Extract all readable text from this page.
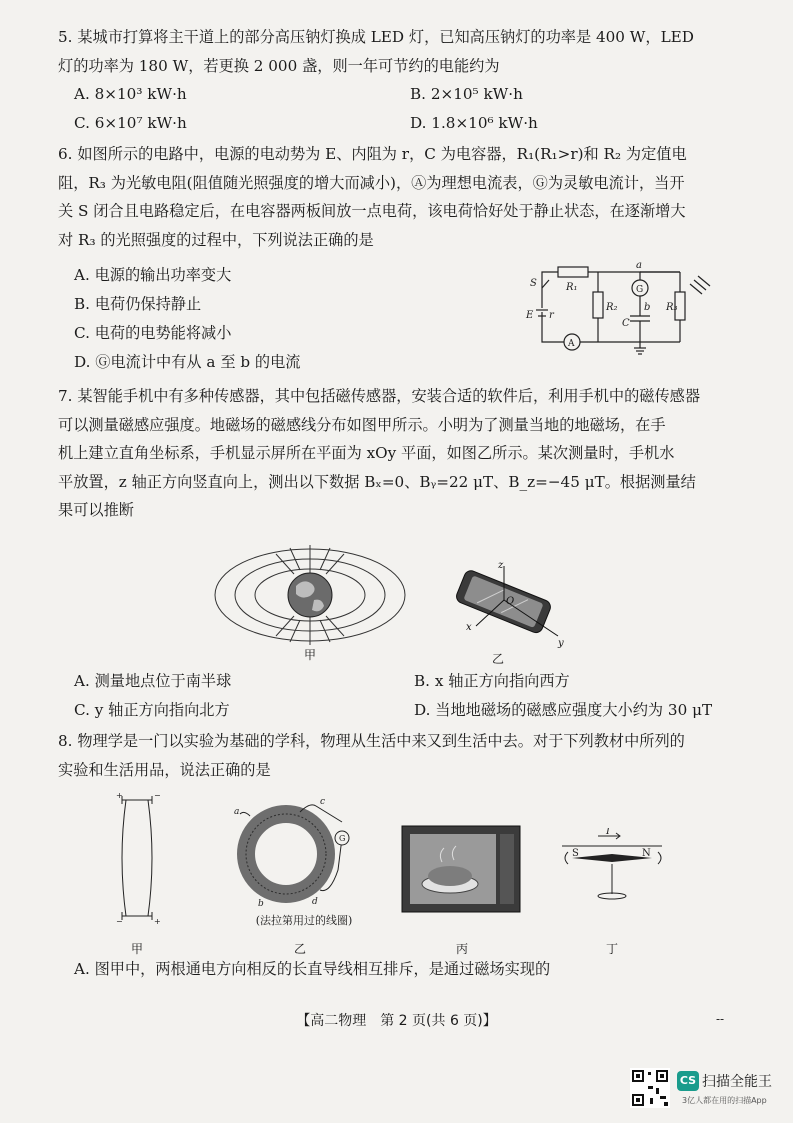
5. 某城市打算将主干道上的部分高压钠灯换成 LED 灯，已知高压钠灯的功率是 400 W，LED
灯的功率为 180 W，若更换 2 000 盏，则一年可节约的电能约为
A. 8×10³ kW·h	B. 2×10⁵ kW·h
C. 6×10⁷ kW·h	D. 1.8×10⁶ kW·h
6. 如图所示的电路中，电源的电动势为 E、内阻为 r，C 为电容器，R₁(R₁>r)和 R₂ 为定值电
阻，R₃ 为光敏电阻(阻值随光照强度的增大而减小)，Ⓐ为理想电流表，Ⓖ为灵敏电流计，当开
关 S 闭合且电路稳定后，在电容器两板间放一点电荷，该电荷恰好处于静止状态，在逐渐增大
对 R₃ 的光照强度的过程中，下列说法正确的是
A. 电源的输出功率变大
B. 电荷仍保持静止
C. 电荷的电势能将减小
D. Ⓖ电流计中有从 a 至 b 的电流
S	R₁
R₂	R₃
E r
C
a
b
G
A
7. 某智能手机中有多种传感器，其中包括磁传感器，安装合适的软件后，利用手机中的磁传感器
可以测量磁感应强度。地磁场的磁感线分布如图甲所示。小明为了测量当地的地磁场，在手
机上建立直角坐标系，手机显示屏所在平面为 xOy 平面，如图乙所示。某次测量时，手机水
平放置，z 轴正方向竖直向上，测出以下数据 Bₓ=0、Bᵧ=22 μT、B_z=−45 μT。根据测量结
果可以推断
甲
z
O
x
y
乙
A. 测量地点位于南半球	B. x 轴正方向指向西方
C. y 轴正方向指向北方	D. 当地地磁场的磁感应强度大小约为 30 μT
8. 物理学是一门以实验为基础的学科，物理从生活中来又到生活中去。对于下列教材中所列的
实验和生活用品，说法正确的是
+	−
−	+
甲
a
b
c
d
G
(法拉第用过的线圈)
乙	丙
I
S	N
丁
A. 图甲中，两根通电方向相反的长直导线相互排斥，是通过磁场实现的
【高二物理　第 2 页(共 6 页)】	--
CS 扫描全能王
3亿人都在用的扫描App
